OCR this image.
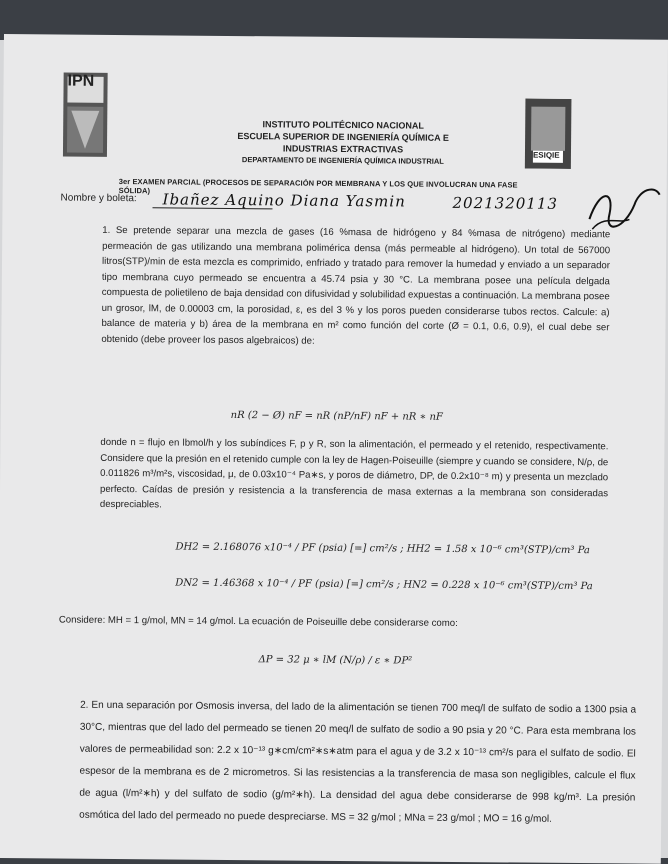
IPN
ESIQIE
INSTITUTO POLITÉCNICO NACIONAL
ESCUELA SUPERIOR DE INGENIERÍA QUÍMICA E
INDUSTRIAS EXTRACTIVAS
DEPARTAMENTO DE INGENIERÍA QUÍMICA INDUSTRIAL
3er EXAMEN PARCIAL (PROCESOS DE SEPARACIÓN POR MEMBRANA Y LOS QUE INVOLUCRAN UNA FASE SÓLIDA)
Nombre y boleta: Ibañez Aquino Diana Yasmin	2021320113
1. Se pretende separar una mezcla de gases (16 %masa de hidrógeno y 84 %masa de nitrógeno) mediante permeación de gas utilizando una membrana polimérica densa (más permeable al hidrógeno). Un total de 567000 litros(STP)/min de esta mezcla es comprimido, enfriado y tratado para remover la humedad y enviado a un separador tipo membrana cuyo permeado se encuentra a 45.74 psia y 30 °C. La membrana posee una película delgada compuesta de polietileno de baja densidad con difusividad y solubilidad expuestas a continuación. La membrana posee un grosor, lM, de 0.00003 cm, la porosidad, ε, es del 3 % y los poros pueden considerarse tubos rectos. Calcule: a) balance de materia y b) área de la membrana en m² como función del corte (Ø = 0.1, 0.6, 0.9), el cual debe ser obtenido (debe proveer los pasos algebraicos) de:
nR (2 − Ø) nF = nR (nP/nF) nF + nR ∗ nF
donde n = flujo en lbmol/h y los subíndices F, p y R, son la alimentación, el permeado y el retenido, respectivamente. Considere que la presión en el retenido cumple con la ley de Hagen-Poiseuille (siempre y cuando se considere, N/ρ, de 0.011826 m³/m²s, viscosidad, μ, de 0.03x10⁻⁴ Pa∗s, y poros de diámetro, DP, de 0.2x10⁻⁸ m) y presenta un mezclado perfecto. Caídas de presión y resistencia a la transferencia de masa externas a la membrana son consideradas despreciables.
DH2 = 2.168076 x10⁻⁴ / PF (psia) [=] cm²/s ; HH2 = 1.58 x 10⁻⁶ cm³(STP)/cm³ Pa
DN2 = 1.46368 x 10⁻⁴ / PF (psia) [=] cm²/s ; HN2 = 0.228 x 10⁻⁶ cm³(STP)/cm³ Pa
Considere: MH = 1 g/mol, MN = 14 g/mol. La ecuación de Poiseuille debe considerarse como:
ΔP = 32 μ ∗ lM (N/ρ) / ε ∗ DP²
2. En una separación por Osmosis inversa, del lado de la alimentación se tienen 700 meq/l de sulfato de sodio a 1300 psia a 30°C, mientras que del lado del permeado se tienen 20 meq/l de sulfato de sodio a 90 psia y 20 °C. Para esta membrana los valores de permeabilidad son: 2.2 x 10⁻¹³ g∗cm/cm²∗s∗atm para el agua y de 3.2 x 10⁻¹³ cm²/s para el sulfato de sodio. El espesor de la membrana es de 2 micrometros. Si las resistencias a la transferencia de masa son negligibles, calcule el flux de agua (l/m²∗h) y del sulfato de sodio (g/m²∗h). La densidad del agua debe considerarse de 998 kg/m³. La presión osmótica del lado del permeado no puede despreciarse. MS = 32 g/mol ; MNa = 23 g/mol ; MO = 16 g/mol.
